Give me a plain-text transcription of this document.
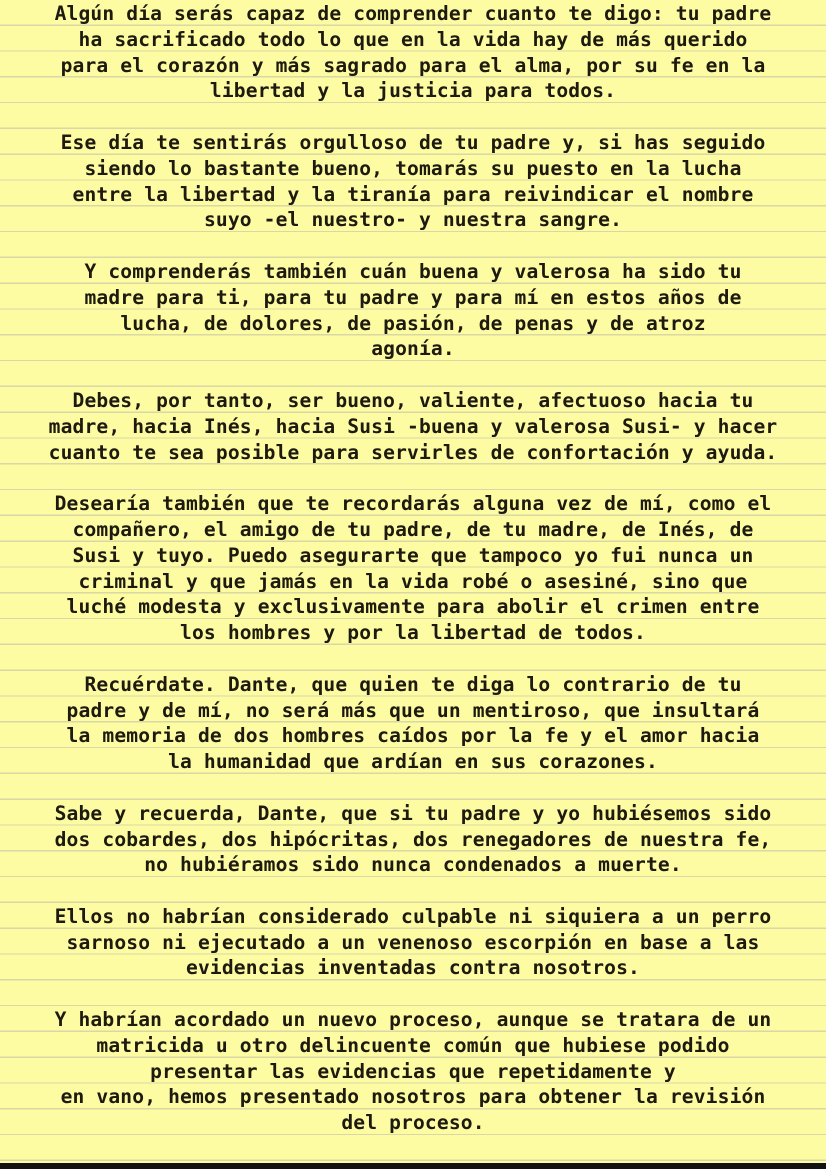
Algún día serás capaz de comprender cuanto te digo: tu padre
ha sacrificado todo lo que en la vida hay de más querido
para el corazón y más sagrado para el alma, por su fe en la
libertad y la justicia para todos.

Ese día te sentirás orgulloso de tu padre y, si has seguido
siendo lo bastante bueno, tomarás su puesto en la lucha
entre la libertad y la tiranía para reivindicar el nombre
suyo -el nuestro- y nuestra sangre.

Y comprenderás también cuán buena y valerosa ha sido tu
madre para ti, para tu padre y para mí en estos años de
lucha, de dolores, de pasión, de penas y de atroz
agonía.

Debes, por tanto, ser bueno, valiente, afectuoso hacia tu
madre, hacia Inés, hacia Susi -buena y valerosa Susi- y hacer
cuanto te sea posible para servirles de confortación y ayuda.

Desearía también que te recordarás alguna vez de mí, como el
compañero, el amigo de tu padre, de tu madre, de Inés, de
Susi y tuyo. Puedo asegurarte que tampoco yo fui nunca un
criminal y que jamás en la vida robé o asesiné, sino que
luché modesta y exclusivamente para abolir el crimen entre
los hombres y por la libertad de todos.

Recuérdate. Dante, que quien te diga lo contrario de tu
padre y de mí, no será más que un mentiroso, que insultará
la memoria de dos hombres caídos por la fe y el amor hacia
la humanidad que ardían en sus corazones.

Sabe y recuerda, Dante, que si tu padre y yo hubiésemos sido
dos cobardes, dos hipócritas, dos renegadores de nuestra fe,
no hubiéramos sido nunca condenados a muerte.

Ellos no habrían considerado culpable ni siquiera a un perro
sarnoso ni ejecutado a un venenoso escorpión en base a las
evidencias inventadas contra nosotros.

Y habrían acordado un nuevo proceso, aunque se tratara de un
matricida u otro delincuente común que hubiese podido
presentar las evidencias que repetidamente y
en vano, hemos presentado nosotros para obtener la revisión
del proceso.
